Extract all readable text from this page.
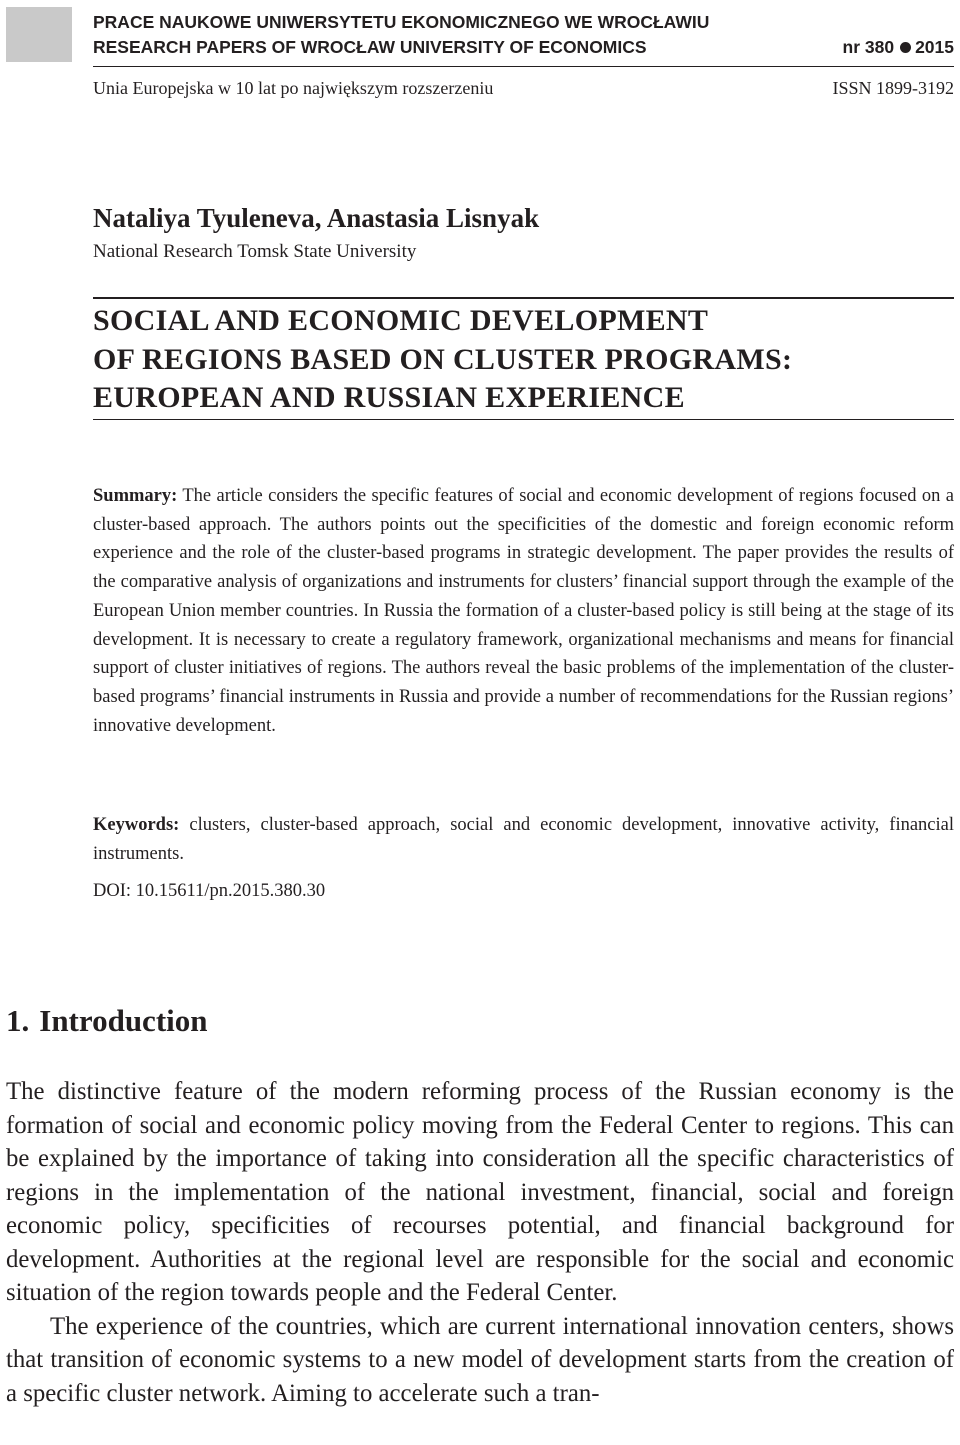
PRACE NAUKOWE UNIWERSYTETU EKONOMICZNEGO WE WROCŁAWIU
RESEARCH PAPERS OF WROCŁAW UNIVERSITY OF ECONOMICS	nr 380 2015
Unia Europejska w 10 lat po największym rozszerzeniu	ISSN 1899-3192
Nataliya Tyuleneva, Anastasia Lisnyak
National Research Tomsk State University
SOCIAL AND ECONOMIC DEVELOPMENT
OF REGIONS BASED ON CLUSTER PROGRAMS:
EUROPEAN AND RUSSIAN EXPERIENCE
Summary: The article considers the specific features of social and economic development of regions focused on a cluster-based approach. The authors points out the specificities of the domestic and foreign economic reform experience and the role of the cluster-based programs in strategic development. The paper provides the results of the comparative analysis of organizations and instruments for clusters’ financial support through the example of the European Union member countries. In Russia the formation of a cluster-based policy is still being at the stage of its development. It is necessary to create a regulatory framework, organizational mechanisms and means for financial support of cluster initiatives of regions. The authors reveal the basic problems of the implementation of the cluster-based programs’ financial instruments in Russia and provide a number of recommendations for the Russian regions’ innovative development.
Keywords: clusters, cluster-based approach, social and economic development, innovative activity, financial instruments.
DOI: 10.15611/pn.2015.380.30
1. Introduction

The distinctive feature of the modern reforming process of the Russian economy is the formation of social and economic policy moving from the Federal Center to regions. This can be explained by the importance of taking into consideration all the specific characteristics of regions in the implementation of the national investment, financial, social and foreign economic policy, specificities of recourses potential, and financial background for development. Authorities at the regional level are responsible for the social and economic situation of the region towards people and the Federal Center.

The experience of the countries, which are current international innovation centers, shows that transition of economic systems to a new model of development starts from the creation of a specific cluster network. Aiming to accelerate such a tran-
